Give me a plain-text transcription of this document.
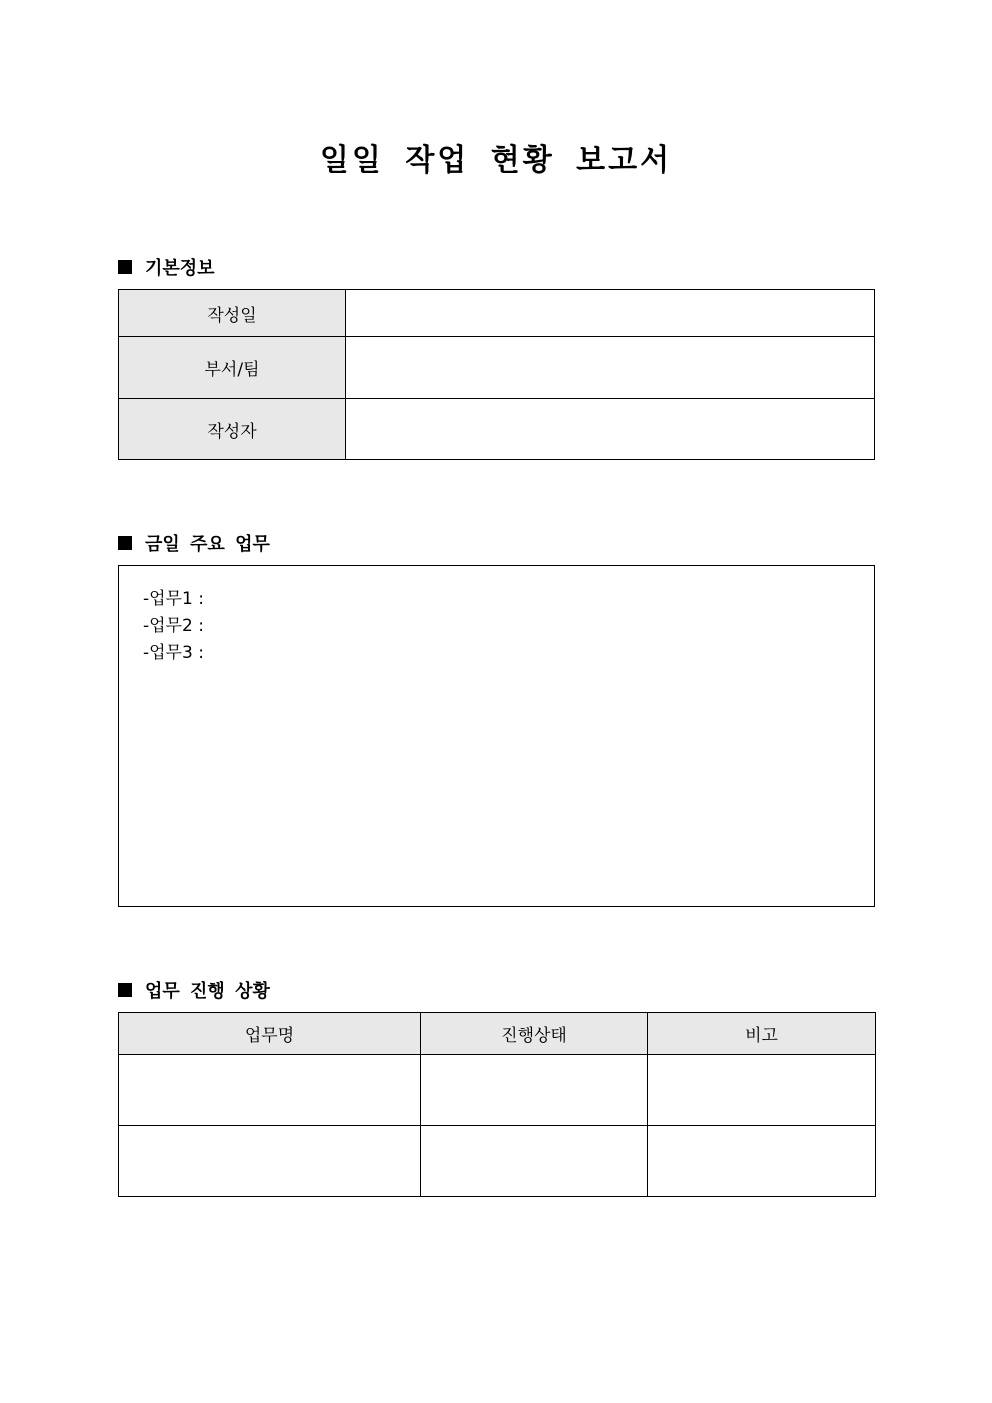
일일 작업 현황 보고서
기본정보
작성일	
부서/팀	
작성자	
금일 주요 업무
-업무1 :
-업무2 :
-업무3 :
업무 진행 상황
업무명	진행상태	비고
